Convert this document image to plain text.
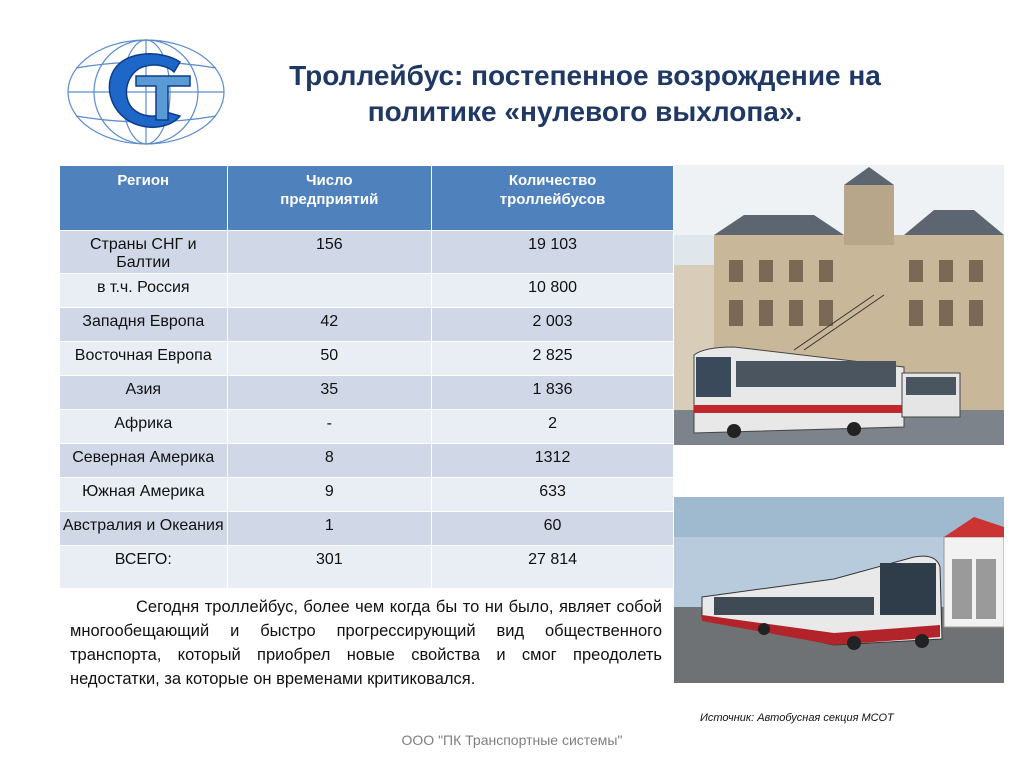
Троллейбус: постепенное возрождение на политике «нулевого выхлопа».
Регион	Число предприятий	Количество троллейбусов
Страны СНГ и Балтии	156	19 103
в т.ч. Россия		10 800
Западня Европа	42	2 003
Восточная Европа	50	2 825
Азия	35	1 836
Африка	-	2
Северная Америка	8	1312
Южная Америка	9	633
Австралия и Океания	1	60
ВСЕГО:	301	27 814
Сегодня троллейбус, более чем когда бы то ни было, являет собой многообещающий и быстро прогрессирующий вид общественного транспорта, который приобрел новые свойства и смог преодолеть недостатки, за которые он временами критиковался.
Источник: Автобусная секция МСОТ
ООО "ПК Транспортные системы"
